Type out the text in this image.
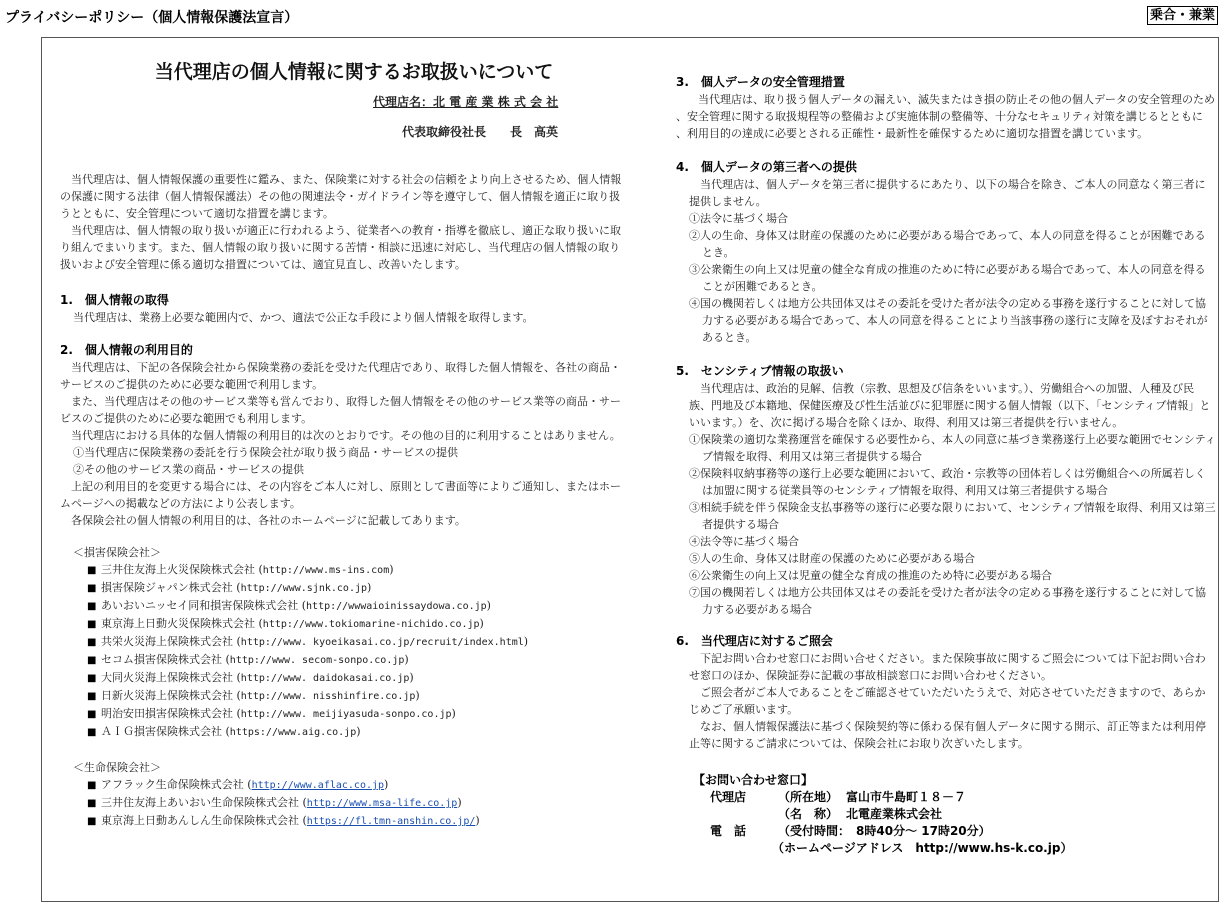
プライバシーポリシー（個人情報保護法宣言）	乗合・兼業
当代理店の個人情報に関するお取扱いについて
代理店名：北 電 産 業 株 式 会 社
代表取締役社長　　長　高英

　当代理店は、個人情報保護の重要性に鑑み、また、保険業に対する社会の信頼をより向上させるため、個人情報の保護に関する法律（個人情報保護法）その他の関連法令・ガイドライン等を遵守して、個人情報を適正に取り扱うとともに、安全管理について適切な措置を講じます。

　当代理店は、個人情報の取り扱いが適正に行われるよう、従業者への教育・指導を徹底し、適正な取り扱いに取り組んでまいります。また、個人情報の取り扱いに関する苦情・相談に迅速に対応し、当代理店の個人情報の取り扱いおよび安全管理に係る適切な措置については、適宜見直し、改善いたします。

1.　個人情報の取得

当代理店は、業務上必要な範囲内で、かつ、適法で公正な手段により個人情報を取得します。

2.　個人情報の利用目的

　当代理店は、下記の各保険会社から保険業務の委託を受けた代理店であり、取得した個人情報を、各社の商品・サービスのご提供のために必要な範囲で利用します。

　また、当代理店はその他のサービス業等も営んでおり、取得した個人情報をその他のサービス業等の商品・サービスのご提供のために必要な範囲でも利用します。

　当代理店における具体的な個人情報の利用目的は次のとおりです。その他の目的に利用することはありません。

①当代理店に保険業務の委託を行う保険会社が取り扱う商品・サービスの提供

②その他のサービス業の商品・サービスの提供

　上記の利用目的を変更する場合には、その内容をご本人に対し、原則として書面等によりご通知し、またはホームページへの掲載などの方法により公表します。

　各保険会社の個人情報の利用目的は、各社のホームページに記載してあります。

＜損害保険会社＞

■ 三井住友海上火災保険株式会社 (http://www.ms-ins.com)

■ 損害保険ジャパン株式会社 (http://www.sjnk.co.jp)

■ あいおいニッセイ同和損害保険株式会社 (http://wwwaioinissaydowa.co.jp)

■ 東京海上日動火災保険株式会社 (http://www.tokiomarine-nichido.co.jp)

■ 共栄火災海上保険株式会社 (http://www. kyoeikasai.co.jp/recruit/index.html)

■ セコム損害保険株式会社 (http://www. secom-sonpo.co.jp)

■ 大同火災海上保険株式会社 (http://www. daidokasai.co.jp)

■ 日新火災海上保険株式会社 (http://www. nisshinfire.co.jp)

■ 明治安田損害保険株式会社 (http://www. meijiyasuda-sonpo.co.jp)

■ ＡＩＧ損害保険株式会社 (https://www.aig.co.jp)

＜生命保険会社＞

■ アフラック生命保険株式会社 (http://www.aflac.co.jp)

■ 三井住友海上あいおい生命保険株式会社 (http://www.msa-life.co.jp)

■ 東京海上日動あんしん生命保険株式会社 (https://fl.tmn-anshin.co.jp/)

3.　個人データの安全管理措置

　　当代理店は、取り扱う個人データの漏えい、滅失またはき損の防止その他の個人データの安全管理のため

、安全管理に関する取扱規程等の整備および実施体制の整備等、十分なセキュリティ対策を講じるとともに

、利用目的の達成に必要とされる正確性・最新性を確保するために適切な措置を講じています。

4.　個人データの第三者への提供

当代理店は、個人データを第三者に提供するにあたり、以下の場合を除き、ご本人の同意なく第三者に提供しません。

①法令に基づく場合

②人の生命、身体又は財産の保護のために必要がある場合であって、本人の同意を得ることが困難であるとき。

③公衆衛生の向上又は児童の健全な育成の推進のために特に必要がある場合であって、本人の同意を得ることが困難であるとき。

④国の機関若しくは地方公共団体又はその委託を受けた者が法令の定める事務を遂行することに対して協力する必要がある場合であって、本人の同意を得ることにより当該事務の遂行に支障を及ぼすおそれがあるとき。

5.　センシティブ情報の取扱い

当代理店は、政治的見解、信教（宗教、思想及び信条をいいます。）、労働組合への加盟、人種及び民族、門地及び本籍地、保健医療及び性生活並びに犯罪歴に関する個人情報（以下、「センシティブ情報」といいます。）を、次に掲げる場合を除くほか、取得、利用又は第三者提供を行いません。

①保険業の適切な業務運営を確保する必要性から、本人の同意に基づき業務遂行上必要な範囲でセンシティブ情報を取得、利用又は第三者提供する場合

②保険料収納事務等の遂行上必要な範囲において、政治・宗教等の団体若しくは労働組合への所属若しくは加盟に関する従業員等のセンシティブ情報を取得、利用又は第三者提供する場合

③相続手続を伴う保険金支払事務等の遂行に必要な限りにおいて、センシティブ情報を取得、利用又は第三者提供する場合

④法令等に基づく場合

⑤人の生命、身体又は財産の保護のために必要がある場合

⑥公衆衛生の向上又は児童の健全な育成の推進のため特に必要がある場合

⑦国の機関若しくは地方公共団体又はその委託を受けた者が法令の定める事務を遂行することに対して協力する必要がある場合

6.　当代理店に対するご照会

　下記お問い合わせ窓口にお問い合せください。また保険事故に関するご照会については下記お問い合わせ窓口のほか、保険証券に記載の事故相談窓口にお問い合わせください。

　ご照会者がご本人であることをご確認させていただいたうえで、対応させていただきますので、あらかじめご了承願います。

　なお、個人情報保護法に基づく保険契約等に係わる保有個人データに関する開示、訂正等または利用停止等に関するご請求については、保険会社にお取り次ぎいたします。

【お問い合わせ窓口】
代理店	（所在地） 富山市牛島町１８－７
（名　称） 北電産業株式会社
電　話	（受付時間： 8時40分～ 17時20分）
（ホームページアドレス　http://www.hs-k.co.jp）
